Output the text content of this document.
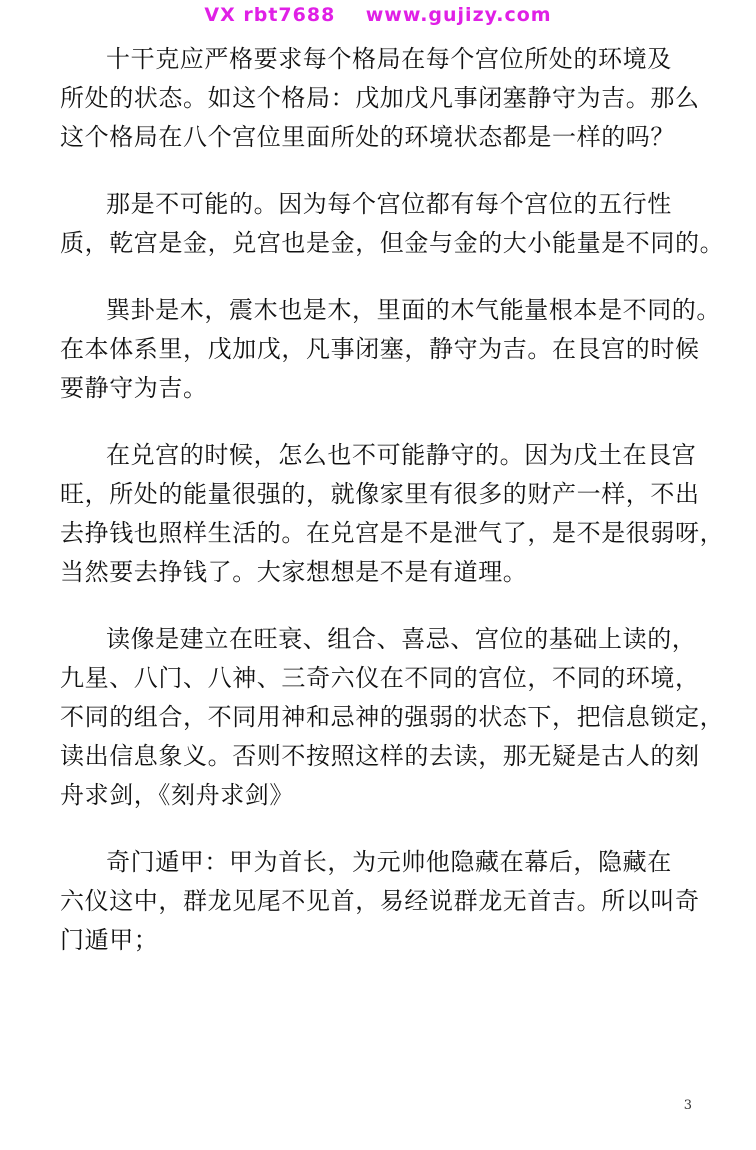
VX rbt7688    www.gujizy.com
十干克应严格要求每个格局在每个宫位所处的环境及
所处的状态。如这个格局：戊加戊凡事闭塞静守为吉。那么
这个格局在八个宫位里面所处的环境状态都是一样的吗？
那是不可能的。因为每个宫位都有每个宫位的五行性
质，乾宫是金，兑宫也是金，但金与金的大小能量是不同的。
巽卦是木，震木也是木，里面的木气能量根本是不同的。
在本体系里，戊加戊，凡事闭塞，静守为吉。在艮宫的时候
要静守为吉。
在兑宫的时候，怎么也不可能静守的。因为戊土在艮宫
旺，所处的能量很强的，就像家里有很多的财产一样，不出
去挣钱也照样生活的。在兑宫是不是泄气了，是不是很弱呀，
当然要去挣钱了。大家想想是不是有道理。
读像是建立在旺衰、组合、喜忌、宫位的基础上读的，
九星、八门、八神、三奇六仪在不同的宫位，不同的环境，
不同的组合，不同用神和忌神的强弱的状态下，把信息锁定，
读出信息象义。否则不按照这样的去读，那无疑是古人的刻
舟求剑，《刻舟求剑》
奇门遁甲：甲为首长，为元帅他隐藏在幕后，隐藏在
六仪这中，群龙见尾不见首，易经说群龙无首吉。所以叫奇
门遁甲；
3
